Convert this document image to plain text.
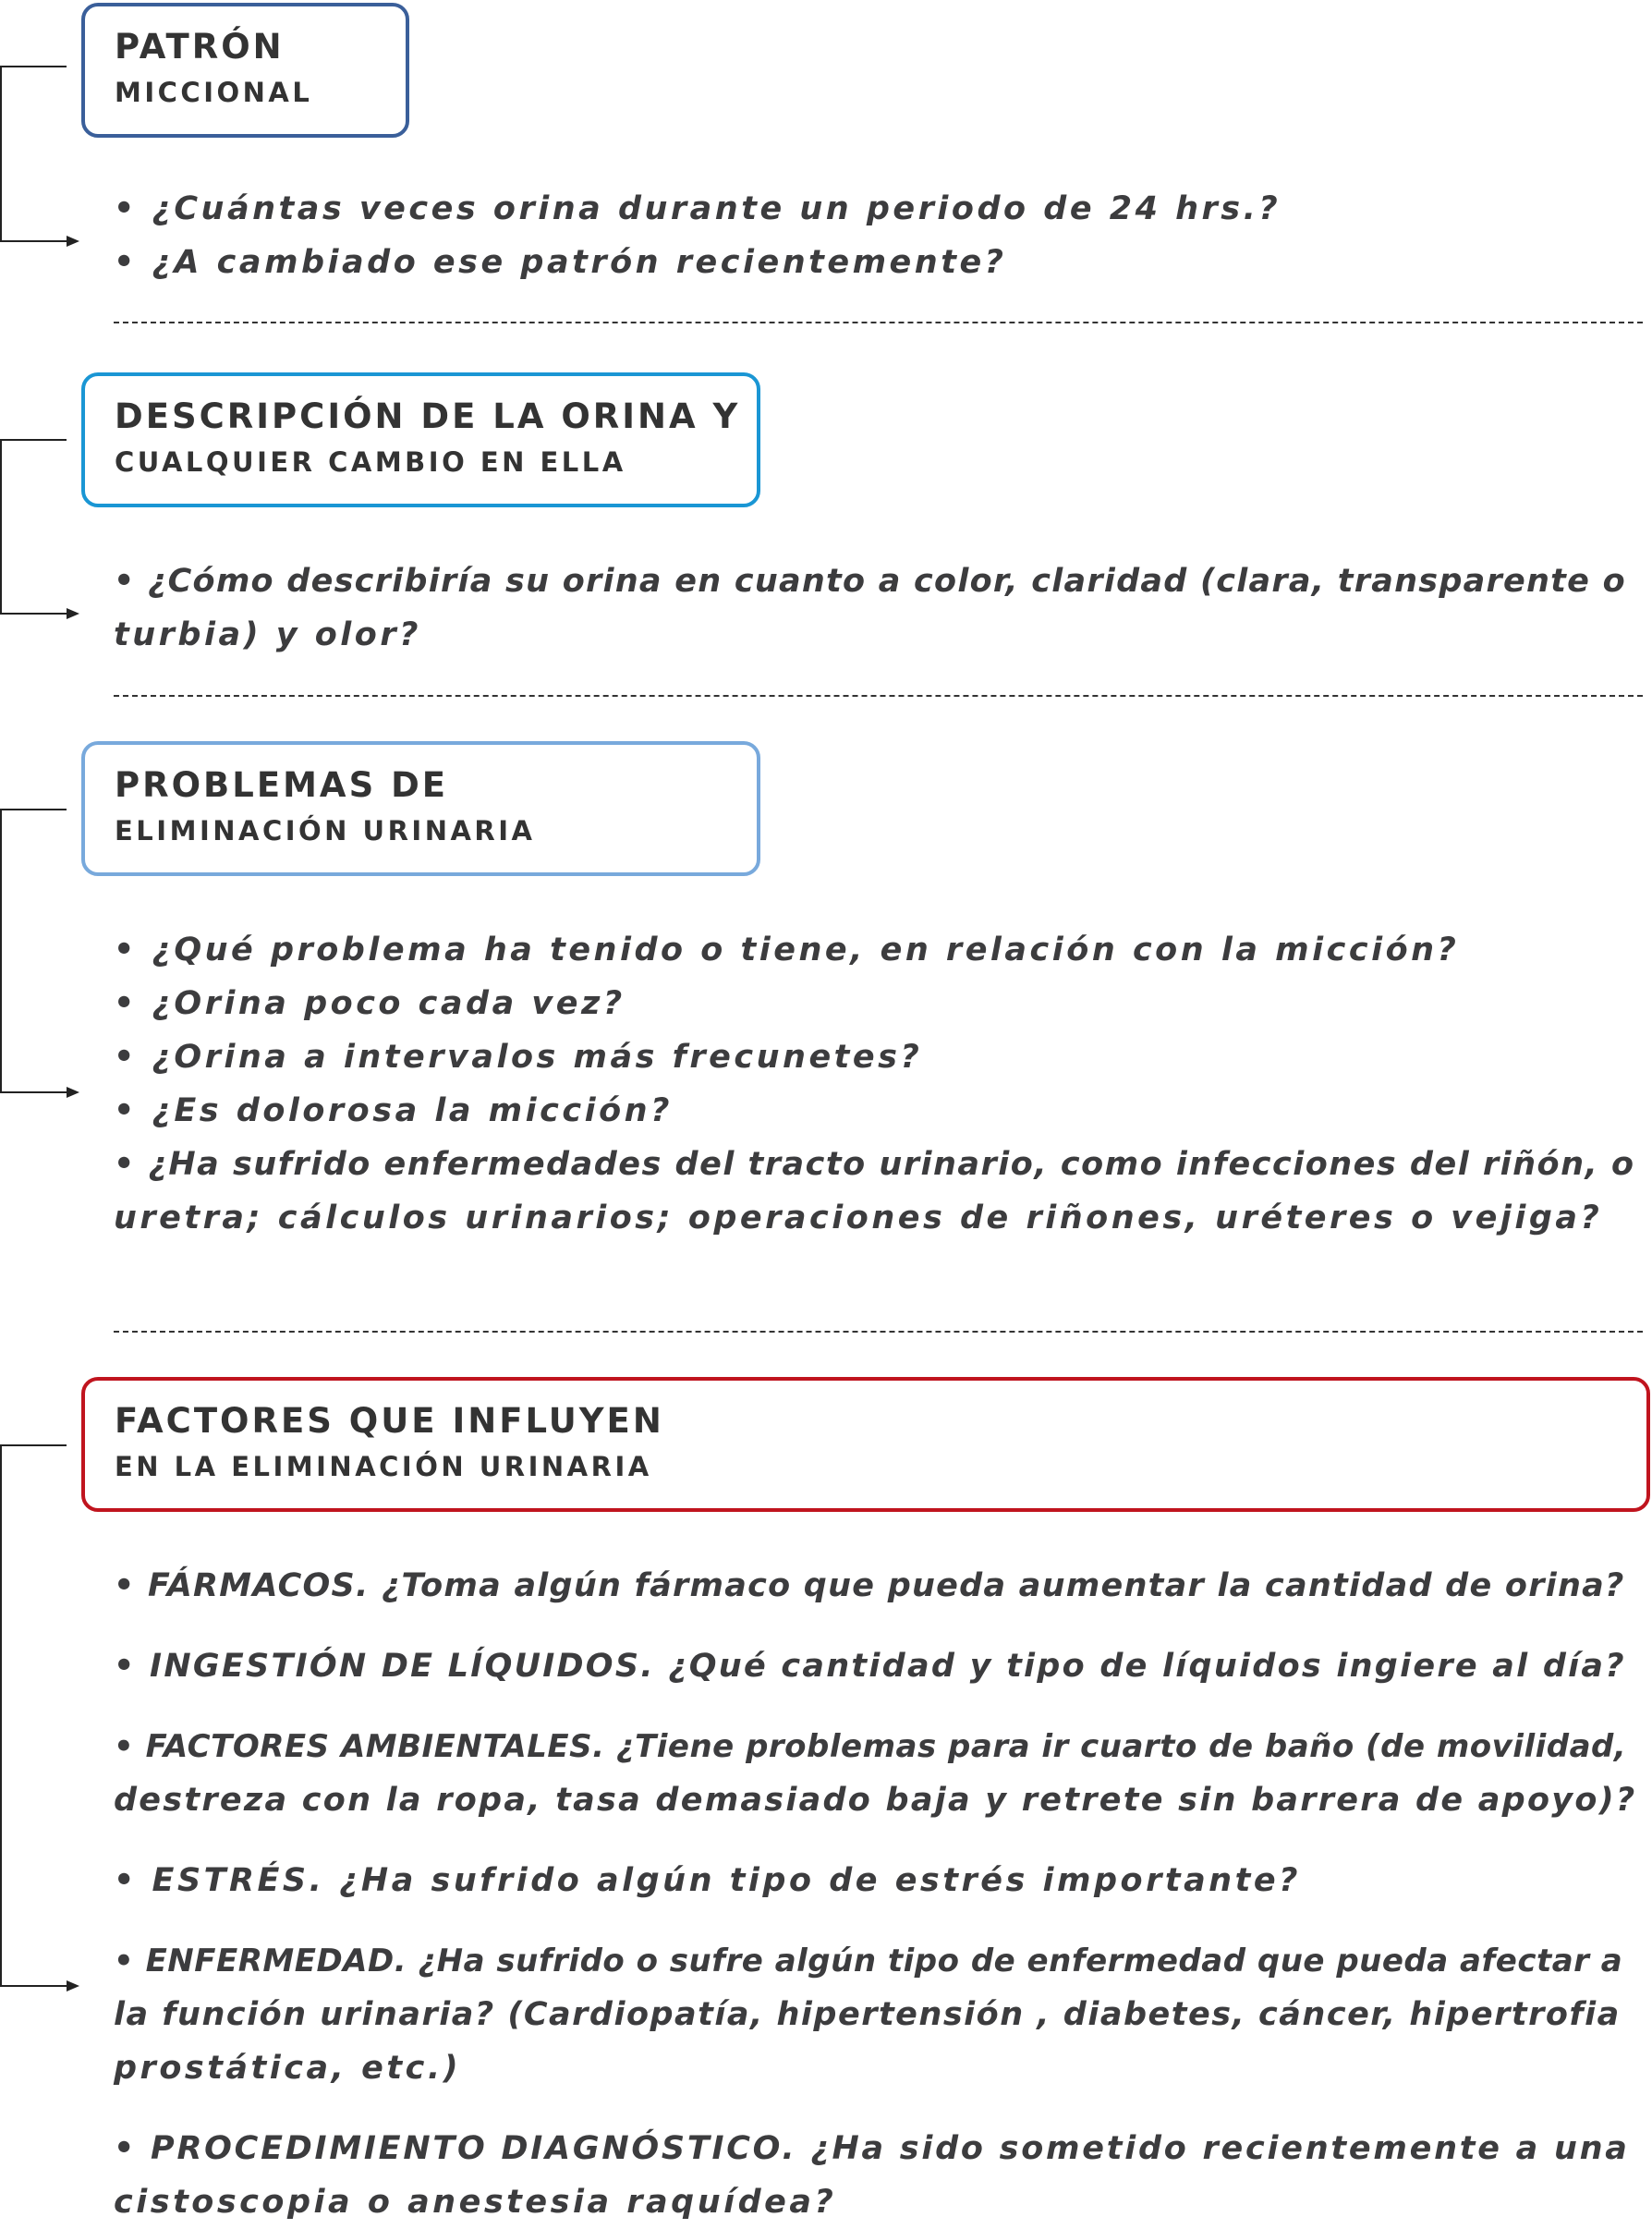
PATRÓN
MICCIONAL
• ¿Cuántas veces orina durante un periodo de 24 hrs.?
• ¿A cambiado ese patrón recientemente?
DESCRIPCIÓN DE LA ORINA Y
CUALQUIER CAMBIO EN ELLA
• ¿Cómo describiría su orina en cuanto a color, claridad (clara, transparente o
turbia) y olor?
PROBLEMAS DE
ELIMINACIÓN URINARIA
• ¿Qué problema ha tenido o tiene, en relación con la micción?
• ¿Orina poco cada vez?
• ¿Orina a intervalos más frecunetes?
• ¿Es dolorosa la micción?
• ¿Ha sufrido enfermedades del tracto urinario, como infecciones del riñón, o
uretra; cálculos urinarios; operaciones de riñones, uréteres o vejiga?
FACTORES QUE INFLUYEN
EN LA ELIMINACIÓN URINARIA
• FÁRMACOS. ¿Toma algún fármaco que pueda aumentar la cantidad de orina?
• INGESTIÓN DE LÍQUIDOS. ¿Qué cantidad y tipo de líquidos ingiere al día?
• FACTORES AMBIENTALES. ¿Tiene problemas para ir cuarto de baño (de movilidad,
destreza con la ropa, tasa demasiado baja y retrete sin barrera de apoyo)?
• ESTRÉS. ¿Ha sufrido algún tipo de estrés importante?
• ENFERMEDAD. ¿Ha sufrido o sufre algún tipo de enfermedad que pueda afectar a
la función urinaria? (Cardiopatía, hipertensión , diabetes, cáncer, hipertrofia
prostática, etc.)
• PROCEDIMIENTO DIAGNÓSTICO. ¿Ha sido sometido recientemente a una
cistoscopia o anestesia raquídea?
